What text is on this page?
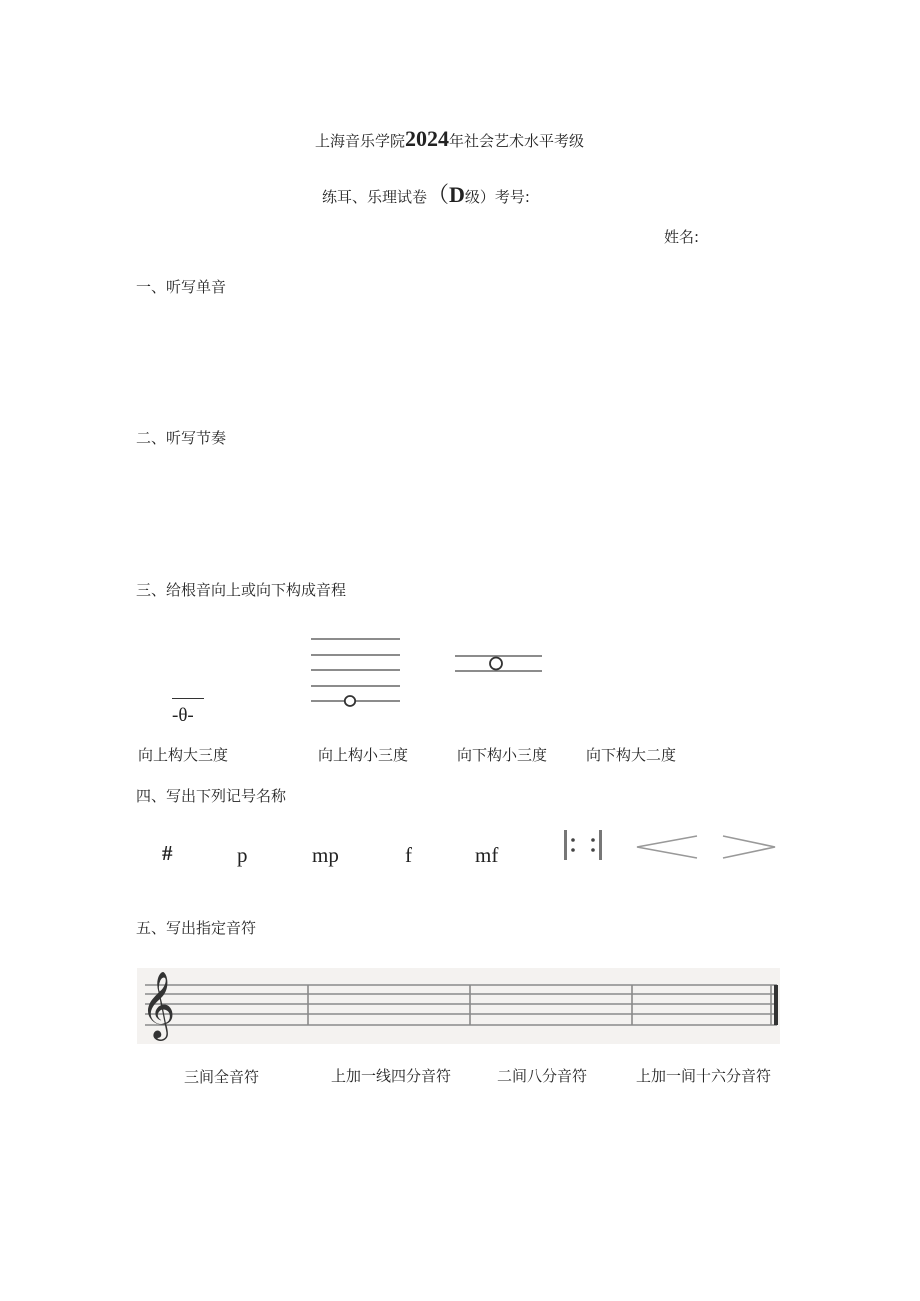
上海音乐学院2024年社会艺术水平考级
练耳、乐理试卷（D级）考号:
姓名:
一、听写单音
二、听写节奏
三、给根音向上或向下构成音程
四、写出下列记号名称
五、写出指定音符
-θ-
向上构大三度	向上构小三度	向下构小三度	向下构大二度
#	p	mp	f	mf
𝄞
三间全音符	上加一线四分音符	二间八分音符	上加一间十六分音符
